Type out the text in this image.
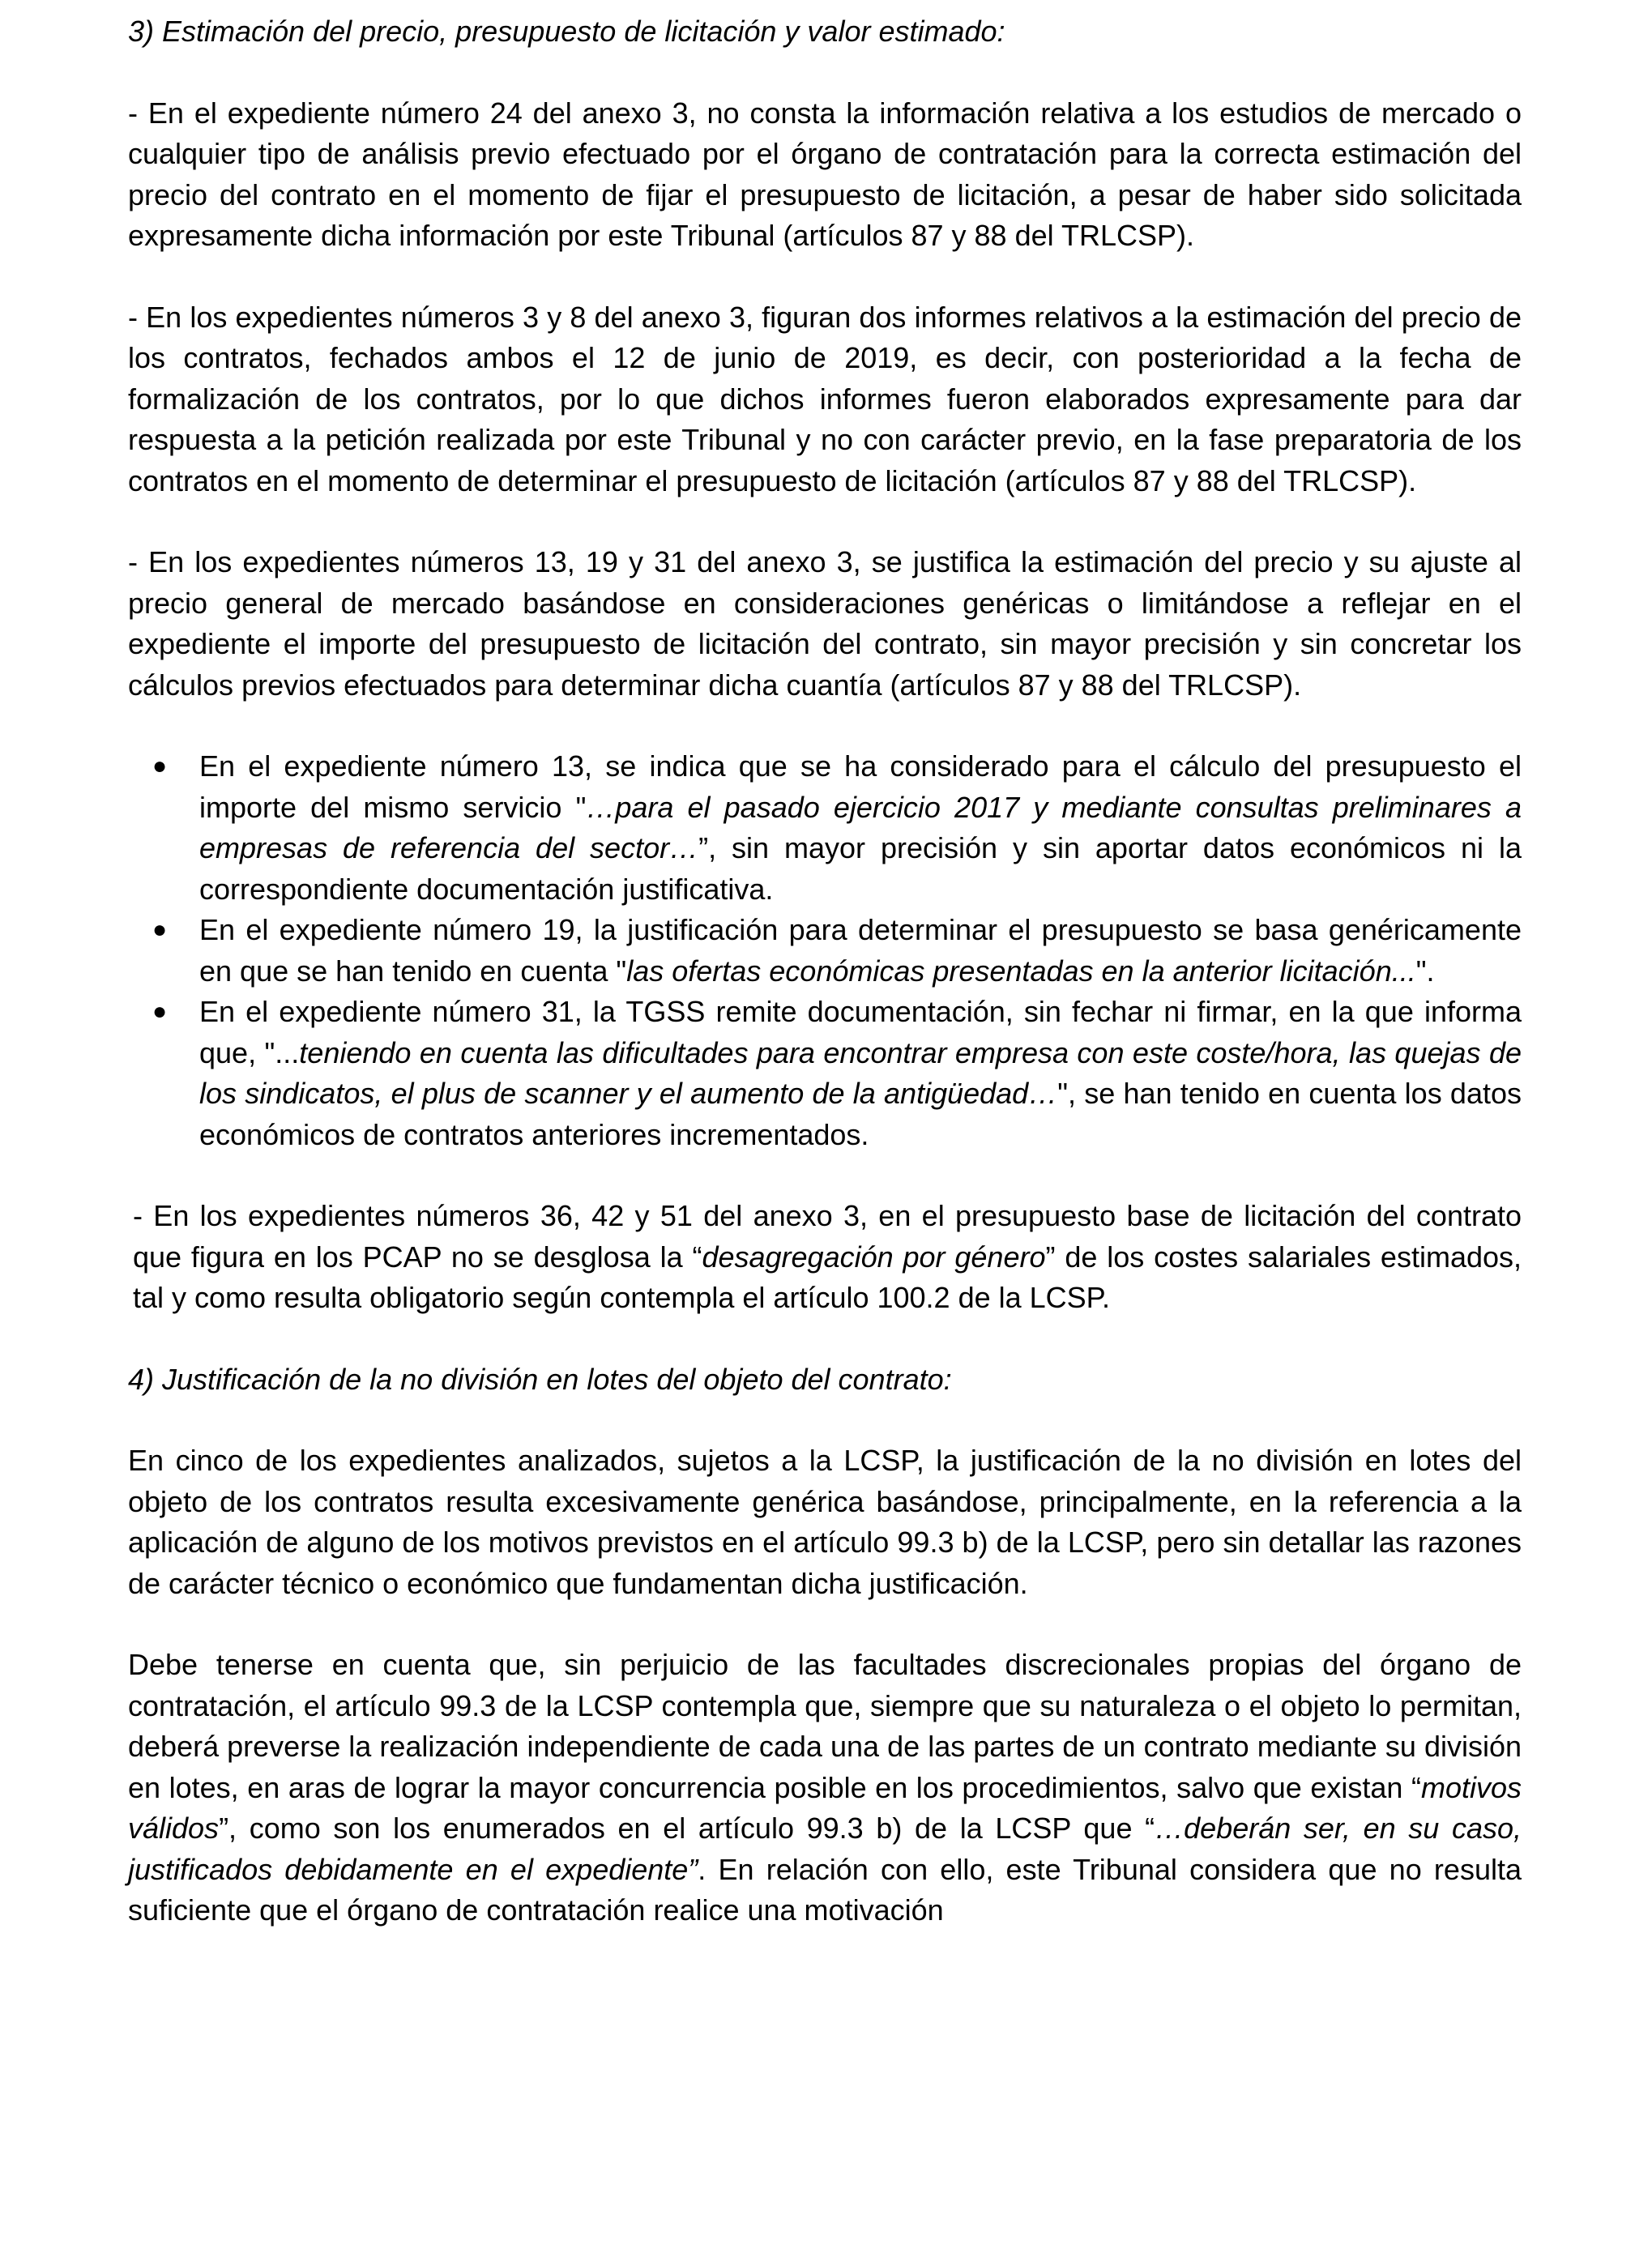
3) Estimación del precio, presupuesto de licitación y valor estimado:

- En el expediente número 24 del anexo 3, no consta la información relativa a los estudios de mercado o cualquier tipo de análisis previo efectuado por el órgano de contratación para la correcta estimación del precio del contrato en el momento de fijar el presupuesto de licitación, a pesar de haber sido solicitada expresamente dicha información por este Tribunal (artículos 87 y 88 del TRLCSP).

- En los expedientes números 3 y 8 del anexo 3, figuran dos informes relativos a la estimación del precio de los contratos, fechados ambos el 12 de junio de 2019, es decir, con posterioridad a la fecha de formalización de los contratos, por lo que dichos informes fueron elaborados expresamente para dar respuesta a la petición realizada por este Tribunal y no con carácter previo, en la fase preparatoria de los contratos en el momento de determinar el presupuesto de licitación (artículos 87 y 88 del TRLCSP).

- En los expedientes números 13, 19 y 31 del anexo 3, se justifica la estimación del precio y su ajuste al precio general de mercado basándose en consideraciones genéricas o limitándose a reflejar en el expediente el importe del presupuesto de licitación del contrato, sin mayor precisión y sin concretar los cálculos previos efectuados para determinar dicha cuantía (artículos 87 y 88 del TRLCSP).

● En el expediente número 13, se indica que se ha considerado para el cálculo del presupuesto el importe del mismo servicio "…para el pasado ejercicio 2017 y mediante consultas preliminares a empresas de referencia del sector…”, sin mayor precisión y sin aportar datos económicos ni la correspondiente documentación justificativa.
● En el expediente número 19, la justificación para determinar el presupuesto se basa genéricamente en que se han tenido en cuenta "las ofertas económicas presentadas en la anterior licitación...".
● En el expediente número 31, la TGSS remite documentación, sin fechar ni firmar, en la que informa que, "...teniendo en cuenta las dificultades para encontrar empresa con este coste/hora, las quejas de los sindicatos, el plus de scanner y el aumento de la antigüedad…", se han tenido en cuenta los datos económicos de contratos anteriores incrementados.

- En los expedientes números 36, 42 y 51 del anexo 3, en el presupuesto base de licitación del contrato que figura en los PCAP no se desglosa la “desagregación por género” de los costes salariales estimados, tal y como resulta obligatorio según contempla el artículo 100.2 de la LCSP.

4) Justificación de la no división en lotes del objeto del contrato:

En cinco de los expedientes analizados, sujetos a la LCSP, la justificación de la no división en lotes del objeto de los contratos resulta excesivamente genérica basándose, principalmente, en la referencia a la aplicación de alguno de los motivos previstos en el artículo 99.3 b) de la LCSP, pero sin detallar las razones de carácter técnico o económico que fundamentan dicha justificación.

Debe tenerse en cuenta que, sin perjuicio de las facultades discrecionales propias del órgano de contratación, el artículo 99.3 de la LCSP contempla que, siempre que su naturaleza o el objeto lo permitan, deberá preverse la realización independiente de cada una de las partes de un contrato mediante su división en lotes, en aras de lograr la mayor concurrencia posible en los procedimientos, salvo que existan “motivos válidos”, como son los enumerados en el artículo 99.3 b) de la LCSP que “…deberán ser, en su caso, justificados debidamente en el expediente”. En relación con ello, este Tribunal considera que no resulta suficiente que el órgano de contratación realice una motivación
